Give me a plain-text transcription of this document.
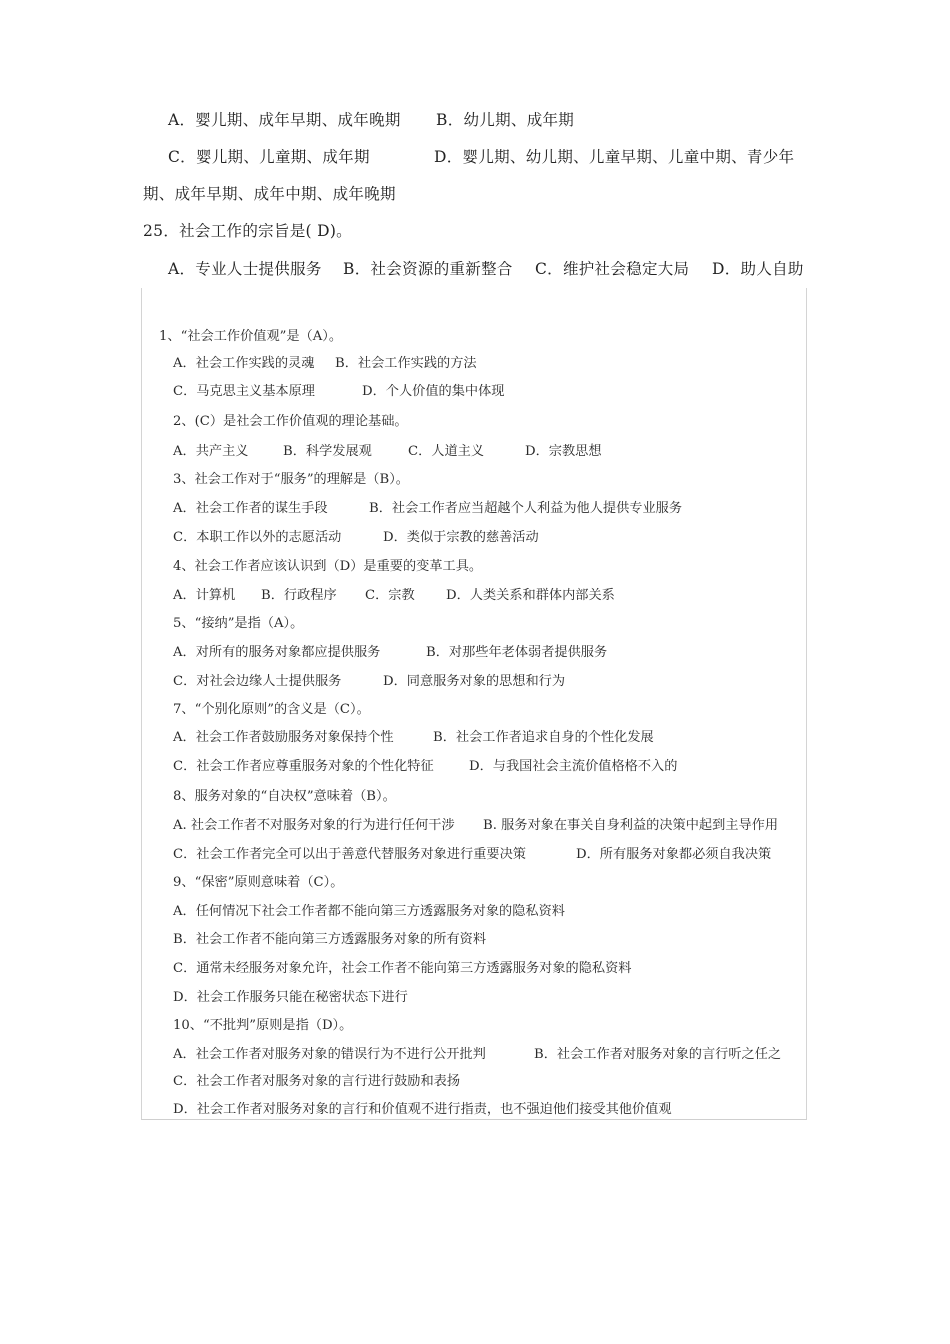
A．婴儿期、成年早期、成年晚期 B．幼儿期、成年期
C．婴儿期、儿童期、成年期	D．婴儿期、幼儿期、儿童早期、儿童中期、青少年
期、成年早期、成年中期、成年晚期
25．社会工作的宗旨是( D)。
A．专业人士提供服务 B．社会资源的重新整合 C．维护社会稳定大局 D．助人自助
1、“社会工作价值观”是（A）。
A．社会工作实践的灵魂 B．社会工作实践的方法
C．马克思主义基本原理	D．个人价值的集中体现
2、(C）是社会工作价值观的理论基础。
A．共产主义	B．科学发展观	C．人道主义	D．宗教思想
3、社会工作对于“服务”的理解是（B）。
A．社会工作者的谋生手段	B．社会工作者应当超越个人利益为他人提供专业服务
C．本职工作以外的志愿活动	D．类似于宗教的慈善活动
4、社会工作者应该认识到（D）是重要的变革工具。
A．计算机 B．行政程序 C．宗教 D．人类关系和群体内部关系
5、“接纳”是指（A）。
A．对所有的服务对象都应提供服务	B．对那些年老体弱者提供服务
C．对社会边缘人士提供服务	D．同意服务对象的思想和行为
7、“个别化原则”的含义是（C）。
A．社会工作者鼓励服务对象保持个性	B．社会工作者追求自身的个性化发展
C．社会工作者应尊重服务对象的个性化特征	D．与我国社会主流价值格格不入的
8、服务对象的“自决权”意味着（B）。
A. 社会工作者不对服务对象的行为进行任何干涉 B. 服务对象在事关自身利益的决策中起到主导作用
C．社会工作者完全可以出于善意代替服务对象进行重要决策	D．所有服务对象都必须自我决策
9、“保密”原则意味着（C）。
A．任何情况下社会工作者都不能向第三方透露服务对象的隐私资料
B．社会工作者不能向第三方透露服务对象的所有资料
C．通常未经服务对象允许，社会工作者不能向第三方透露服务对象的隐私资料
D．社会工作服务只能在秘密状态下进行
10、“不批判”原则是指（D）。
A．社会工作者对服务对象的错误行为不进行公开批判	B．社会工作者对服务对象的言行听之任之
C．社会工作者对服务对象的言行进行鼓励和表扬
D．社会工作者对服务对象的言行和价值观不进行指责，也不强迫他们接受其他价值观
